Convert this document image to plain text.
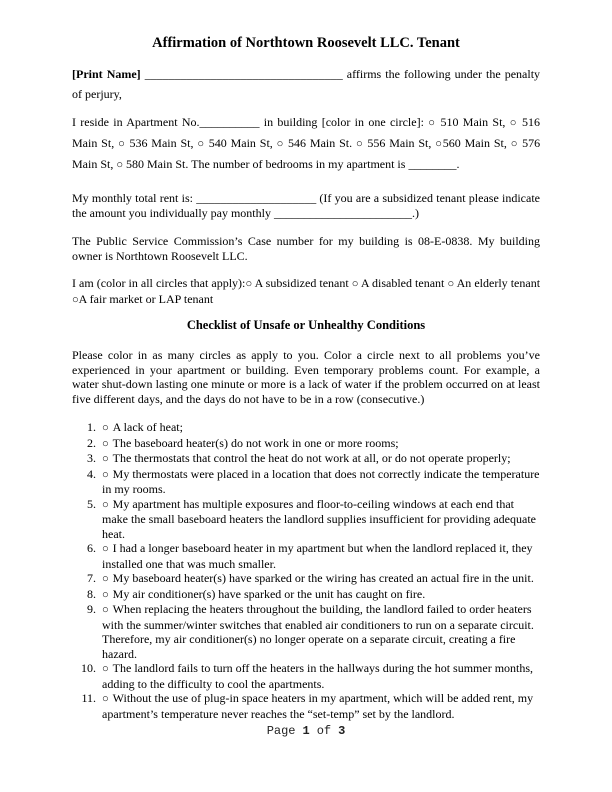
Affirmation of Northtown Roosevelt LLC. Tenant

[Print Name] _________________________________ affirms the following under the penalty of perjury,

I reside in Apartment No.__________ in building [color in one circle]: ○ 510 Main St, ○ 516 Main St, ○ 536 Main St, ○ 540 Main St, ○ 546 Main St. ○ 556 Main St, ○560 Main St, ○ 576 Main St, ○ 580 Main St. The number of bedrooms in my apartment is ________.

My monthly total rent is: ____________________ (If you are a subsidized tenant please indicate the amount you individually pay monthly _______________________.)

The Public Service Commission’s Case number for my building is 08-E-0838. My building owner is Northtown Roosevelt LLC.

I am (color in all circles that apply):○ A subsidized tenant ○ A disabled tenant ○ An elderly tenant ○A fair market or LAP tenant

Checklist of Unsafe or Unhealthy Conditions

Please color in as many circles as apply to you. Color a circle next to all problems you’ve experienced in your apartment or building. Even temporary problems count. For example, a water shut-down lasting one minute or more is a lack of water if the problem occurred on at least five different days, and the days do not have to be in a row (consecutive.)

1. ○ A lack of heat;
2. ○ The baseboard heater(s) do not work in one or more rooms;
3. ○ The thermostats that control the heat do not work at all, or do not operate properly;
4. ○ My thermostats were placed in a location that does not correctly indicate the temperature in my rooms.
5. ○ My apartment has multiple exposures and floor-to-ceiling windows at each end that make the small baseboard heaters the landlord supplies insufficient for providing adequate heat.
6. ○ I had a longer baseboard heater in my apartment but when the landlord replaced it, they installed one that was much smaller.
7. ○ My baseboard heater(s) have sparked or the wiring has created an actual fire in the unit.
8. ○ My air conditioner(s) have sparked or the unit has caught on fire.
9. ○ When replacing the heaters throughout the building, the landlord failed to order heaters with the summer/winter switches that enabled air conditioners to run on a separate circuit. Therefore, my air conditioner(s) no longer operate on a separate circuit, creating a fire hazard.
10. ○ The landlord fails to turn off the heaters in the hallways during the hot summer months, adding to the difficulty to cool the apartments.
11. ○ Without the use of plug-in space heaters in my apartment, which will be added rent, my apartment’s temperature never reaches the “set-temp” set by the landlord.
Page 1 of 3
